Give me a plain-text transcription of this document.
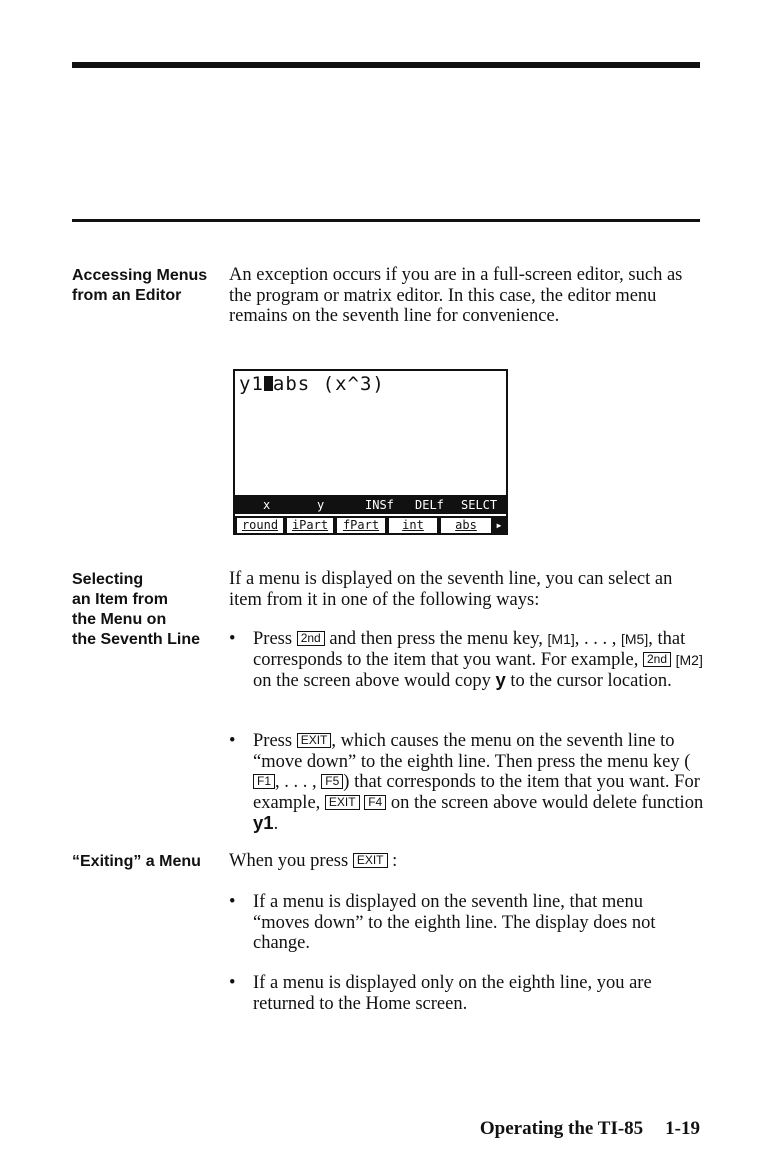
Accessing Menus
from an Editor

An exception occurs if you are in a full-screen editor, such as the program or matrix editor. In this case, the editor menu remains on the seventh line for convenience.

y1 abs (x^3)
x	y	INSf DELf SELCT
round	iPart	fPart	int	abs	▸
Selecting
an Item from
the Menu on
the Seventh Line

If a menu is displayed on the seventh line, you can select an item from it in one of the following ways:

• Press 2nd and then press the menu key, [M1], . . . , [M5], that corresponds to the item that you want. For example, 2nd [M2] on the screen above would copy y to the cursor location.
• Press EXIT , which causes the menu on the seventh line to “move down” to the eighth line. Then press the menu key (F1 , . . . , F5 ) that corresponds to the item that you want. For example, EXIT F4 on the screen above would delete function y1.
“Exiting” a Menu	When you press EXIT :
• If a menu is displayed on the seventh line, that menu “moves down” to the eighth line. The display does not change.
• If a menu is displayed only on the eighth line, you are returned to the Home screen.
Operating the TI-85 1-19
